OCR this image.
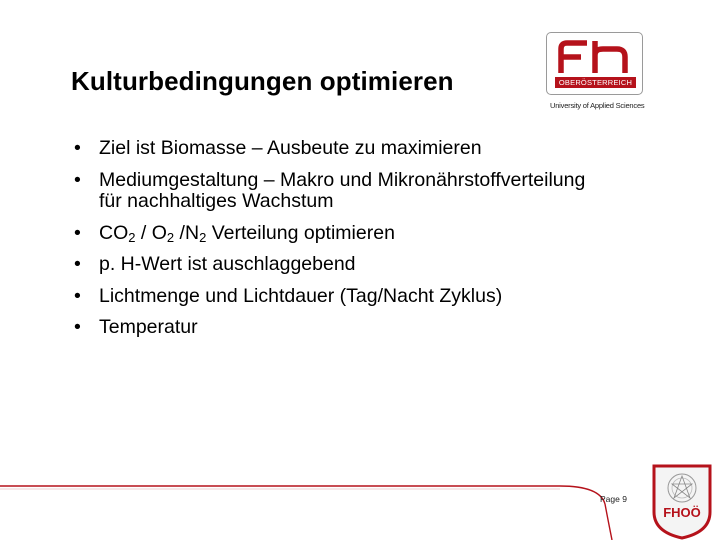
Kulturbedingungen optimieren	OBERÖSTERREICH
University of Applied Sciences
• Ziel ist Biomasse – Ausbeute zu maximieren
• Mediumgestaltung – Makro und Mikronährstoffverteilung
für nachhaltiges Wachstum
• $CO_2 / O_2$ $/N_2$ Verteilung optimieren
• p. H-Wert ist auschlaggebend
• Lichtmenge und Lichtdauer (Tag/Nacht Zyklus)
• Temperatur
Page 9
FHOÖ
